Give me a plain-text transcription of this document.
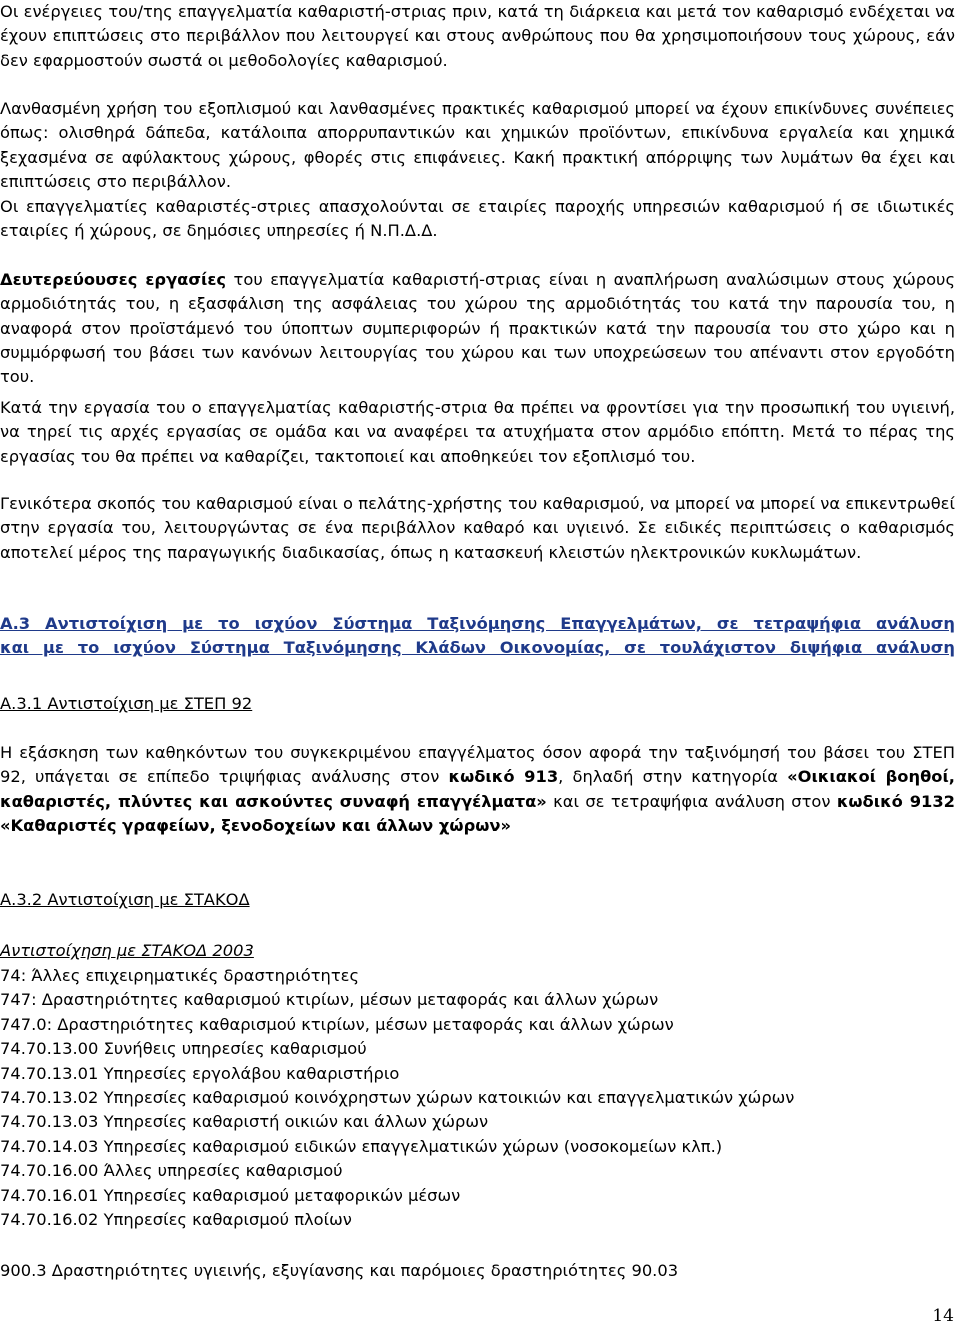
Οι ενέργειες του/της επαγγελματία καθαριστή-στριας πριν, κατά τη διάρκεια και μετά τον καθαρισμό ενδέχεται να έχουν επιπτώσεις στο περιβάλλον που λειτουργεί και στους ανθρώπους που θα χρησιμοποιήσουν τους χώρους, εάν δεν εφαρμοστούν σωστά οι μεθοδολογίες καθαρισμού.

Λανθασμένη χρήση του εξοπλισμού και λανθασμένες πρακτικές καθαρισμού μπορεί να έχουν επικίνδυνες συνέπειες όπως: ολισθηρά δάπεδα, κατάλοιπα απορρυπαντικών και χημικών προϊόντων, επικίνδυνα εργαλεία και χημικά ξεχασμένα σε αφύλακτους χώρους, φθορές στις επιφάνειες. Κακή πρακτική απόρριψης των λυμάτων θα έχει και επιπτώσεις στο περιβάλλον.

Οι επαγγελματίες καθαριστές-στριες απασχολούνται σε εταιρίες παροχής υπηρεσιών καθαρισμού ή σε ιδιωτικές εταιρίες ή χώρους, σε δημόσιες υπηρεσίες ή Ν.Π.Δ.Δ.

Δευτερεύουσες εργασίες του επαγγελματία καθαριστή-στριας είναι η αναπλήρωση αναλώσιμων στους χώρους αρμοδιότητάς του, η εξασφάλιση της ασφάλειας του χώρου της αρμοδιότητάς του κατά την παρουσία του, η αναφορά στον προϊστάμενό του ύποπτων συμπεριφορών ή πρακτικών κατά την παρουσία του στο χώρο και η συμμόρφωσή του βάσει των κανόνων λειτουργίας του χώρου και των υποχρεώσεων του απέναντι στον εργοδότη του.

Κατά την εργασία του ο επαγγελματίας καθαριστής-στρια θα πρέπει να φροντίσει για την προσωπική του υγιεινή, να τηρεί τις αρχές εργασίας σε ομάδα και να αναφέρει τα ατυχήματα στον αρμόδιο επόπτη. Μετά το πέρας της εργασίας του θα πρέπει να καθαρίζει, τακτοποιεί και αποθηκεύει τον εξοπλισμό του.

Γενικότερα σκοπός του καθαρισμού είναι ο πελάτης-χρήστης του καθαρισμού, να μπορεί να μπορεί να επικεντρωθεί στην εργασία του, λειτουργώντας σε ένα περιβάλλον καθαρό και υγιεινό. Σε ειδικές περιπτώσεις ο καθαρισμός αποτελεί μέρος της παραγωγικής διαδικασίας, όπως η κατασκευή κλειστών ηλεκτρονικών κυκλωμάτων.

Α.3 Αντιστοίχιση με το ισχύον Σύστημα Ταξινόμησης Επαγγελμάτων, σε τετραψήφια ανάλυση

και με το ισχύον Σύστημα Ταξινόμησης Κλάδων Οικονομίας, σε τουλάχιστον διψήφια ανάλυση

Α.3.1 Αντιστοίχιση με ΣΤΕΠ 92

Η εξάσκηση των καθηκόντων του συγκεκριμένου επαγγέλματος όσον αφορά την ταξινόμησή του βάσει του ΣΤΕΠ 92, υπάγεται σε επίπεδο τριψήφιας ανάλυσης στον κωδικό 913, δηλαδή στην κατηγορία «Οικιακοί βοηθοί, καθαριστές, πλύντες και ασκούντες συναφή επαγγέλματα» και σε τετραψήφια ανάλυση στον κωδικό 9132 «Καθαριστές γραφείων, ξενοδοχείων και άλλων χώρων»

Α.3.2 Αντιστοίχιση με ΣΤΑΚΟΔ

Αντιστοίχηση με ΣΤΑΚΟΔ 2003

74: Άλλες επιχειρηματικές δραστηριότητες
747: Δραστηριότητες καθαρισμού κτιρίων, μέσων μεταφοράς και άλλων χώρων
747.0: Δραστηριότητες καθαρισμού κτιρίων, μέσων μεταφοράς και άλλων χώρων
74.70.13.00 Συνήθεις υπηρεσίες καθαρισμού
74.70.13.01 Υπηρεσίες εργολάβου καθαριστήριο
74.70.13.02 Υπηρεσίες καθαρισμού κοινόχρηστων χώρων κατοικιών και επαγγελματικών χώρων
74.70.13.03 Υπηρεσίες καθαριστή οικιών και άλλων χώρων
74.70.14.03 Υπηρεσίες καθαρισμού ειδικών επαγγελματικών χώρων (νοσοκομείων κλπ.)
74.70.16.00 Άλλες υπηρεσίες καθαρισμού
74.70.16.01 Υπηρεσίες καθαρισμού μεταφορικών μέσων
74.70.16.02 Υπηρεσίες καθαρισμού πλοίων

900.3 Δραστηριότητες υγιεινής, εξυγίανσης και παρόμοιες δραστηριότητες 90.03

14
